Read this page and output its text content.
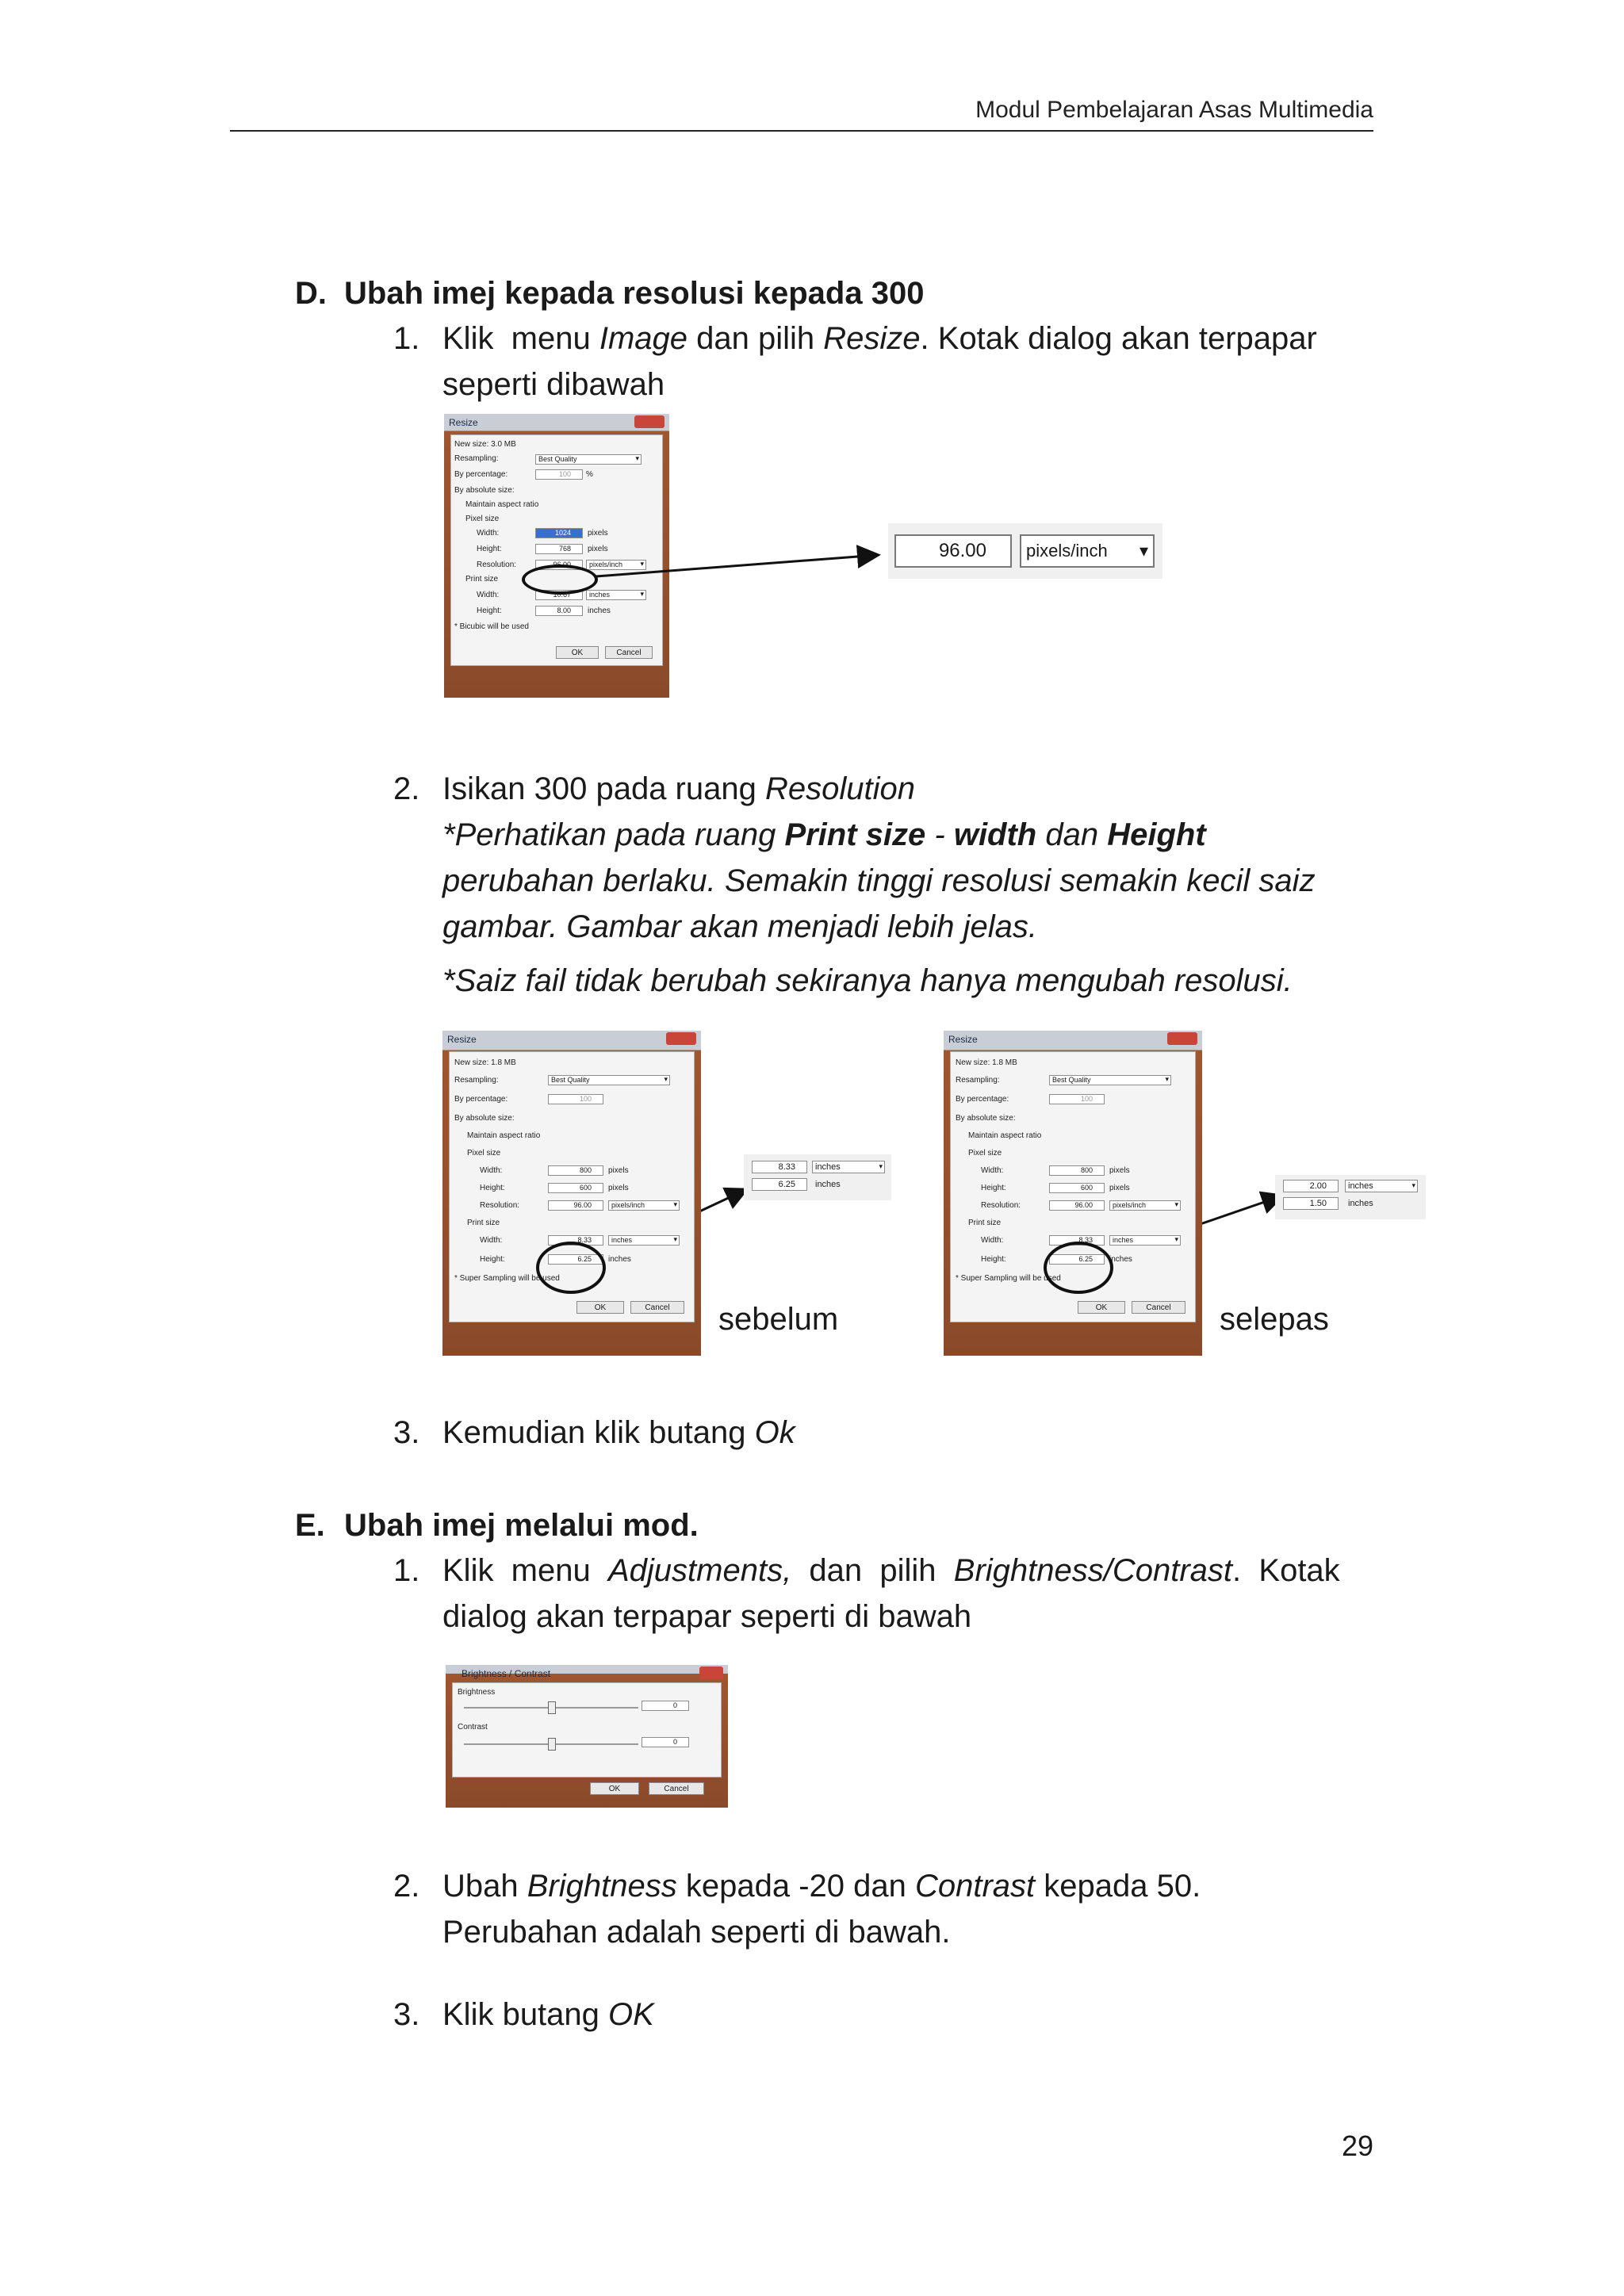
Modul Pembelajaran Asas Multimedia
D. Ubah imej kepada resolusi kepada 300
1. Klik  menu Image dan pilih Resize. Kotak dialog akan terpapar
seperti dibawah
Resize
New size: 3.0 MB
Resampling:	Best Quality ▾
By percentage:	100	%
By absolute size:
Maintain aspect ratio
Pixel size
Width:	1024	pixels
Height:	768	pixels
Resolution:	96.00	pixels/inch ▾
Print size
Width:	10.67	inches ▾
Height:	8.00	inches
* Bicubic will be used
OK	Cancel
96.00	pixels/inch ▾
2. Isikan 300 pada ruang Resolution
*Perhatikan pada ruang Print size - width dan Height
perubahan berlaku. Semakin tinggi resolusi semakin kecil saiz
gambar. Gambar akan menjadi lebih jelas.
*Saiz fail tidak berubah sekiranya hanya mengubah resolusi.
Resize
New size: 1.8 MB
Resampling:	Best Quality ▾
By percentage:	100
By absolute size:
Maintain aspect ratio
Pixel size
Width:	800	pixels
Height:	600	pixels
Resolution:	96.00	pixels/inch ▾
Print size
Width:	8.33	inches ▾
Height:	6.25	inches
* Super Sampling will be used
OK	Cancel
8.33	inches ▾
6.25	inches
sebelum
Resize
New size: 1.8 MB
Resampling:	Best Quality ▾
By percentage:	100
By absolute size:
Maintain aspect ratio
Pixel size
Width:	800	pixels
Height:	600	pixels
Resolution:	96.00	pixels/inch ▾
Print size
Width:	8.33	inches ▾
Height:	6.25	inches
* Super Sampling will be used
OK	Cancel
2.00	inches ▾
1.50	inches
selepas
3. Kemudian klik butang Ok
E. Ubah imej melalui mod.
1. Klik  menu  Adjustments,  dan  pilih  Brightness/Contrast.  Kotak
dialog akan terpapar seperti di bawah
Brightness / Contrast
Brightness
0
Contrast
0
OK	Cancel
2. Ubah Brightness kepada -20 dan Contrast kepada 50.
Perubahan adalah seperti di bawah.
3. Klik butang OK
29
